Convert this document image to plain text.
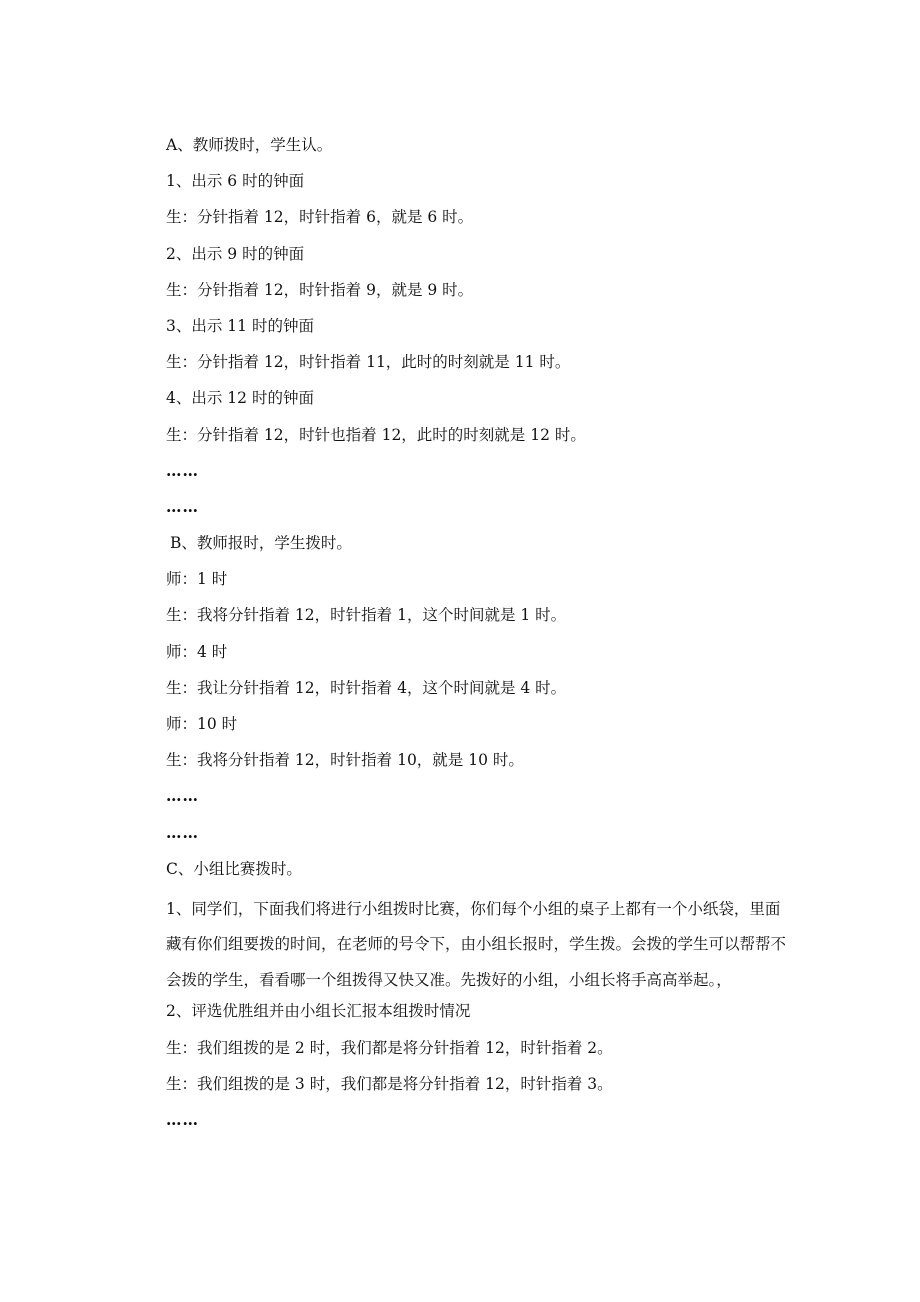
A、教师拨时，学生认。
1、出示 6 时的钟面
生：分针指着 12，时针指着 6，就是 6 时。
2、出示 9 时的钟面
生：分针指着 12，时针指着 9，就是 9 时。
3、出示 11 时的钟面
生：分针指着 12，时针指着 11，此时的时刻就是 11 时。
4、出示 12 时的钟面
生：分针指着 12，时针也指着 12，此时的时刻就是 12 时。
……
……
B、教师报时，学生拨时。
师：1 时
生：我将分针指着 12，时针指着 1，这个时间就是 1 时。
师：4 时
生：我让分针指着 12，时针指着 4，这个时间就是 4 时。
师：10 时
生：我将分针指着 12，时针指着 10，就是 10 时。
……
……
C、小组比赛拨时。
1、同学们，下面我们将进行小组拨时比赛，你们每个小组的桌子上都有一个小纸袋，里面藏有你们组要拨的时间，在老师的号令下，由小组长报时，学生拨。会拨的学生可以帮帮不会拨的学生，看看哪一个组拨得又快又准。先拨好的小组，小组长将手高高举起。，
2、评选优胜组并由小组长汇报本组拨时情况
生：我们组拨的是 2 时，我们都是将分针指着 12，时针指着 2。
生：我们组拨的是 3 时，我们都是将分针指着 12，时针指着 3。
……
